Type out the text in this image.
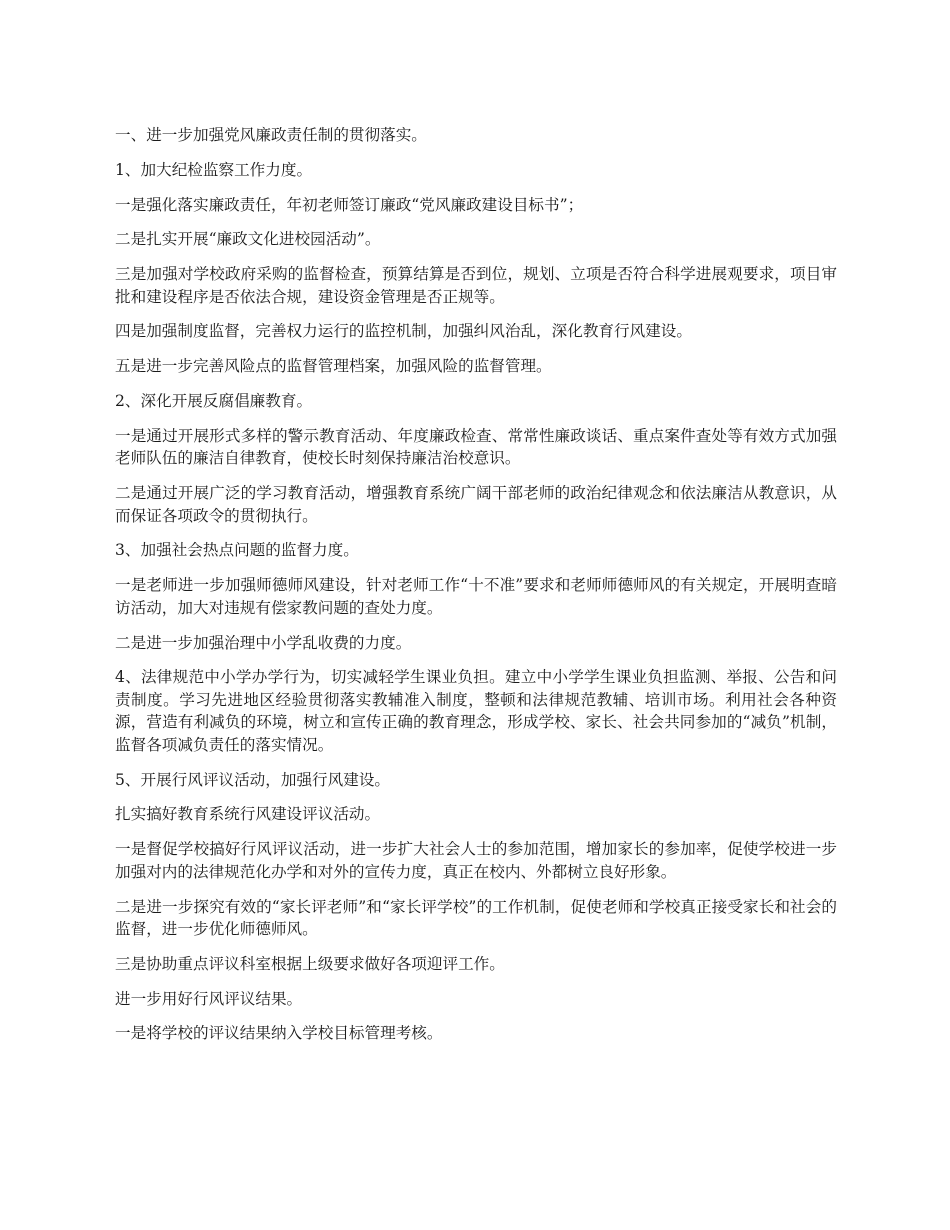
一、进一步加强党风廉政责任制的贯彻落实。

1、加大纪检监察工作力度。

一是强化落实廉政责任，年初老师签订廉政“党风廉政建设目标书”；

二是扎实开展“廉政文化进校园活动”。

三是加强对学校政府采购的监督检查，预算结算是否到位，规划、立项是否符合科学进展观要求，项目审批和建设程序是否依法合规，建设资金管理是否正规等。

四是加强制度监督，完善权力运行的监控机制，加强纠风治乱，深化教育行风建设。

五是进一步完善风险点的监督管理档案，加强风险的监督管理。

2、深化开展反腐倡廉教育。

一是通过开展形式多样的警示教育活动、年度廉政检查、常常性廉政谈话、重点案件查处等有效方式加强老师队伍的廉洁自律教育，使校长时刻保持廉洁治校意识。

二是通过开展广泛的学习教育活动，增强教育系统广阔干部老师的政治纪律观念和依法廉洁从教意识，从而保证各项政令的贯彻执行。

3、加强社会热点问题的监督力度。

一是老师进一步加强师德师风建设，针对老师工作“十不准”要求和老师师德师风的有关规定，开展明查暗访活动，加大对违规有偿家教问题的查处力度。

二是进一步加强治理中小学乱收费的力度。

4、法律规范中小学办学行为，切实减轻学生课业负担。建立中小学学生课业负担监测、举报、公告和问责制度。学习先进地区经验贯彻落实教辅准入制度，整顿和法律规范教辅、培训市场。利用社会各种资源，营造有利减负的环境，树立和宣传正确的教育理念，形成学校、家长、社会共同参加的“减负”机制，监督各项减负责任的落实情况。

5、开展行风评议活动，加强行风建设。

扎实搞好教育系统行风建设评议活动。

一是督促学校搞好行风评议活动，进一步扩大社会人士的参加范围，增加家长的参加率，促使学校进一步加强对内的法律规范化办学和对外的宣传力度，真正在校内、外都树立良好形象。

二是进一步探究有效的“家长评老师”和“家长评学校”的工作机制，促使老师和学校真正接受家长和社会的监督，进一步优化师德师风。

三是协助重点评议科室根据上级要求做好各项迎评工作。

进一步用好行风评议结果。

一是将学校的评议结果纳入学校目标管理考核。
